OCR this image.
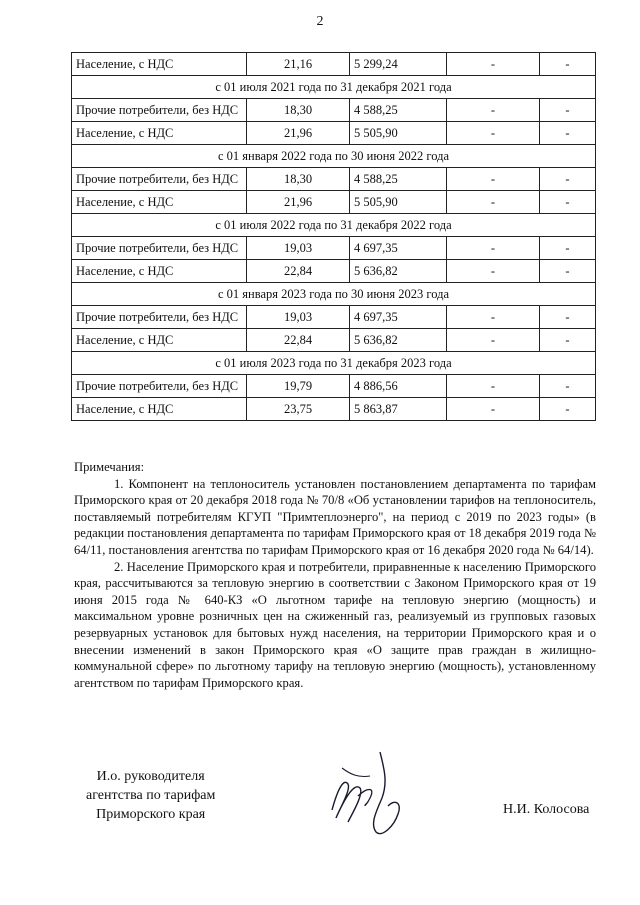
2
Население, с НДС	21,16	5 299,24	-	-
с 01 июля 2021 года по 31 декабря 2021 года				
Прочие потребители, без НДС	18,30	4 588,25	-	-
Население, с НДС	21,96	5 505,90	-	-
с 01 января 2022 года по 30 июня 2022 года				
Прочие потребители, без НДС	18,30	4 588,25	-	-
Население, с НДС	21,96	5 505,90	-	-
с 01 июля 2022 года по 31 декабря 2022 года				
Прочие потребители, без НДС	19,03	4 697,35	-	-
Население, с НДС	22,84	5 636,82	-	-
с 01 января 2023 года по 30 июня 2023 года				
Прочие потребители, без НДС	19,03	4 697,35	-	-
Население, с НДС	22,84	5 636,82	-	-
с 01 июля 2023 года по 31 декабря 2023 года				
Прочие потребители, без НДС	19,79	4 886,56	-	-
Население, с НДС	23,75	5 863,87	-	-

Примечания:

1. Компонент на теплоноситель установлен постановлением департамента по тарифам Приморского края от 20 декабря 2018 года № 70/8 «Об установлении тарифов на теплоноситель, поставляемый потребителям КГУП "Примтеплоэнерго", на период с 2019 по 2023 годы» (в редакции постановления департамента по тарифам Приморского края от 18 декабря 2019 года № 64/11, постановления агентства по тарифам Приморского края от 16 декабря 2020 года № 64/14).

2. Население Приморского края и потребители, приравненные к населению Приморского края, рассчитываются за тепловую энергию в соответствии с Законом Приморского края от 19 июня 2015 года № 640-КЗ «О льготном тарифе на тепловую энергию (мощность) и максимальном уровне розничных цен на сжиженный газ, реализуемый из групповых газовых резервуарных установок для бытовых нужд населения, на территории Приморского края и о внесении изменений в закон Приморского края «О защите прав граждан в жилищно-коммунальной сфере» по льготному тарифу на тепловую энергию (мощность), установленному агентством по тарифам Приморского края.

И.о. руководителя
агентства по тарифам
Приморского края	Н.И. Колосова
